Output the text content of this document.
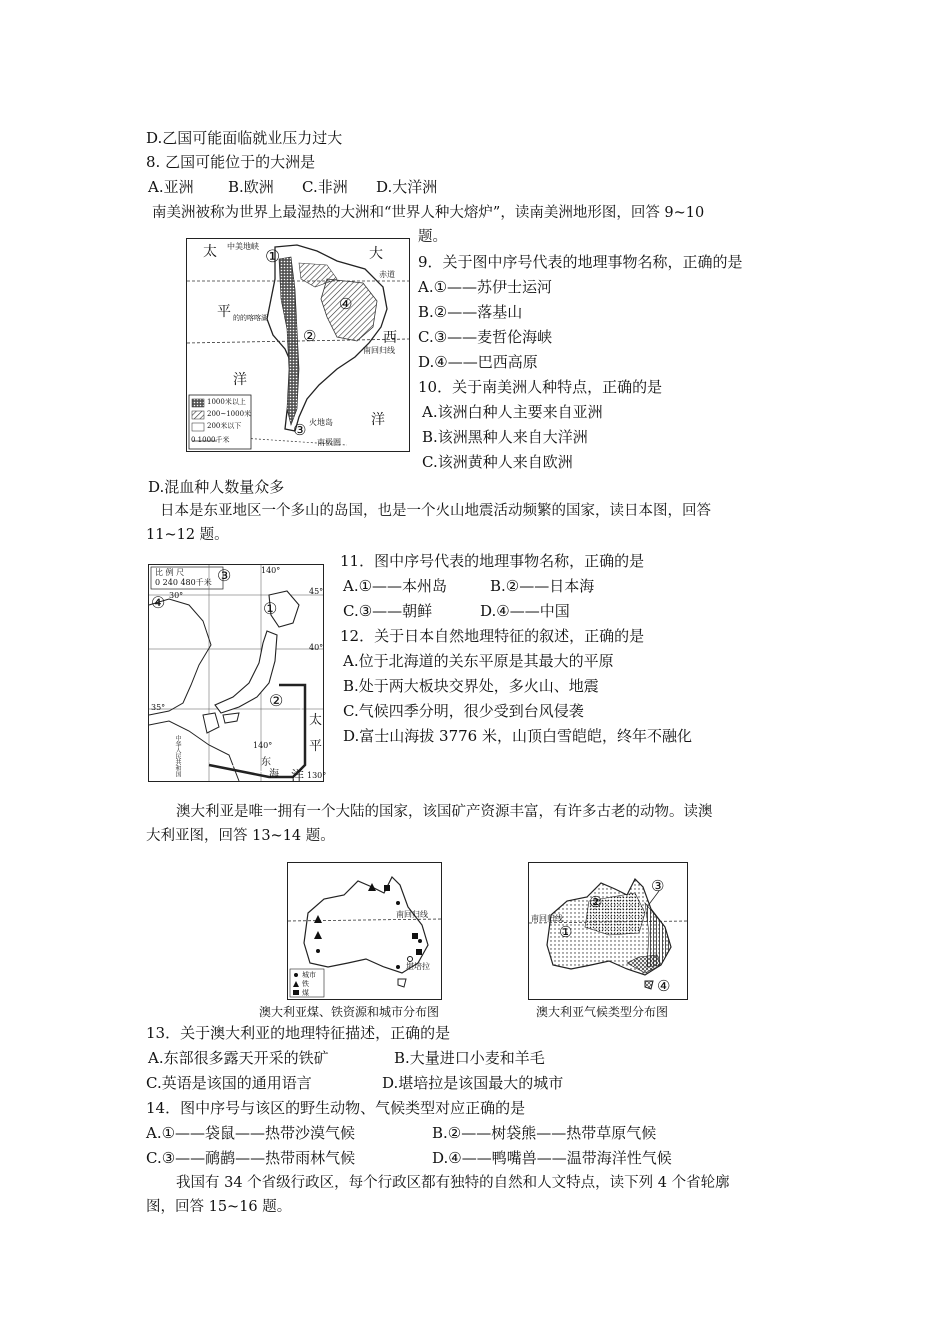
D.乙国可能面临就业压力过大
8. 乙国可能位于的大洲是
A.亚洲 B.欧洲 C.非洲 D.大洋洲
南美洲被称为世界上最湿热的大洲和“世界人种大熔炉”，读南美洲地形图，回答 9~10
题。
太 中美地峡	大
赤道
平 的的喀喀湖
西
南回归线
洋
火地岛	洋
南极圈
①
②
③
④
1000米以上
200~1000米
200米以下
0 1000千米
9．关于图中序号代表的地理事物名称，正确的是
A.①——苏伊士运河
B.②——落基山
C.③——麦哲伦海峡
D.④——巴西高原
10．关于南美洲人种特点，正确的是
A.该洲白种人主要来自亚洲
B.该洲黑种人来自大洋洲
C.该洲黄种人来自欧洲
D.混血种人数量众多
日本是东亚地区一个多山的岛国，也是一个火山地震活动频繁的国家，读日本图，回答
11~12 题。
比 例 尺
0 240 480千米 ③
④	①
②
140°
45°
40°
35°
30°
太
平
洋
东
海
140°
130°
中华人民共和国
11．图中序号代表的地理事物名称，正确的是
A.①——本州岛	B.②——日本海
C.③——朝鲜	D.④——中国
12．关于日本自然地理特征的叙述，正确的是
A.位于北海道的关东平原是其最大的平原
B.处于两大板块交界处，多火山、地震
C.气候四季分明，很少受到台风侵袭
D.富士山海拔 3776 米，山顶白雪皑皑，终年不融化
澳大利亚是唯一拥有一个大陆的国家，该国矿产资源丰富，有许多古老的动物。读澳
大利亚图，回答 13~14 题。
南回归线
堪培拉
城市
铁
煤
澳大利亚煤、铁资源和城市分布图
南回归线
①
②
③
④
澳大利亚气候类型分布图
13．关于澳大利亚的地理特征描述，正确的是
A.东部很多露天开采的铁矿	B.大量进口小麦和羊毛
C.英语是该国的通用语言	D.堪培拉是该国最大的城市
14．图中序号与该区的野生动物、气候类型对应正确的是
A.①——袋鼠——热带沙漠气候	B.②——树袋熊——热带草原气候
C.③——鸸鹋——热带雨林气候	D.④——鸭嘴兽——温带海洋性气候
我国有 34 个省级行政区，每个行政区都有独特的自然和人文特点，读下列 4 个省轮廓
图，回答 15~16 题。
